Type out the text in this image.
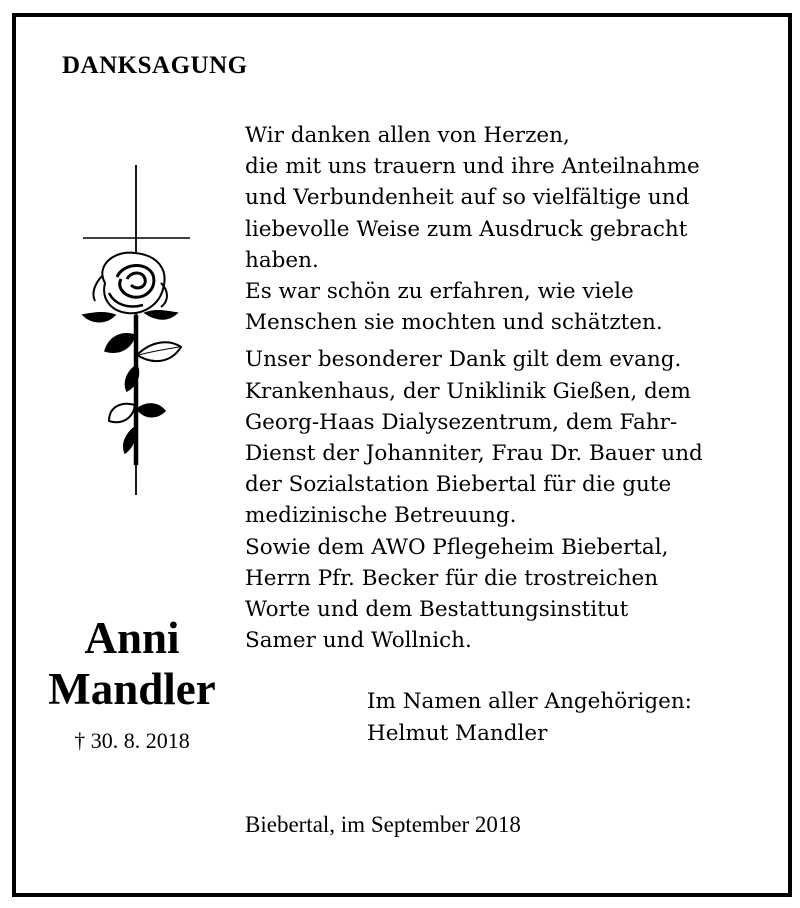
DANKSAGUNG
Anni
Mandler
† 30. 8. 2018
Wir danken allen von Herzen,
die mit uns trauern und ihre Anteilnahme
und Verbundenheit auf so vielfältige und
liebevolle Weise zum Ausdruck gebracht
haben.
Es war schön zu erfahren, wie viele
Menschen sie mochten und schätzten.
Unser besonderer Dank gilt dem evang.
Krankenhaus, der Uniklinik Gießen, dem
Georg-Haas Dialysezentrum, dem Fahr-
Dienst der Johanniter, Frau Dr. Bauer und
der Sozialstation Biebertal für die gute
medizinische Betreuung.
Sowie dem AWO Pflegeheim Biebertal,
Herrn Pfr. Becker für die trostreichen
Worte und dem Bestattungsinstitut
Samer und Wollnich.
Im Namen aller Angehörigen:
Helmut Mandler
Biebertal, im September 2018
